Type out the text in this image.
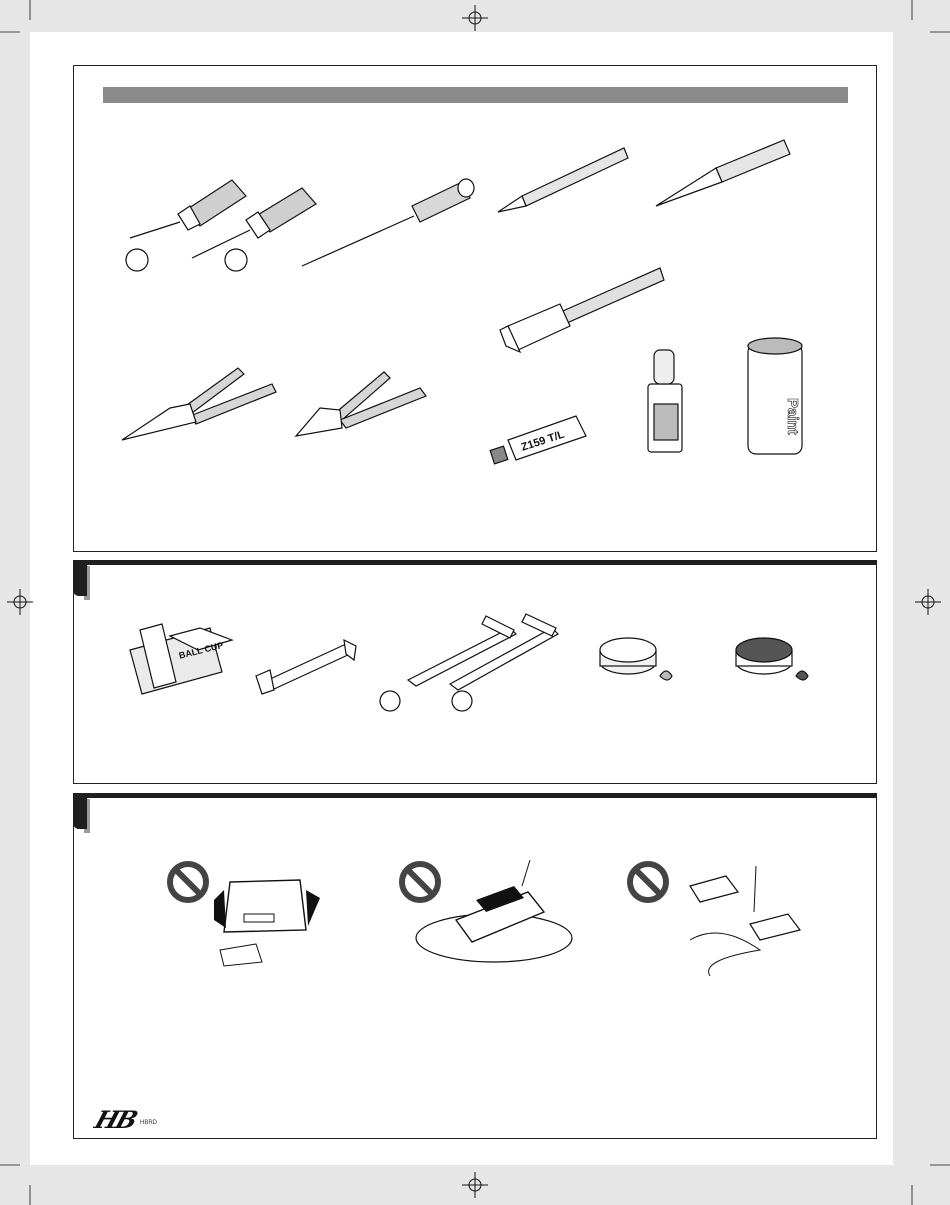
Z159 T/L
Paint
BALL CUP
HB HBRD
